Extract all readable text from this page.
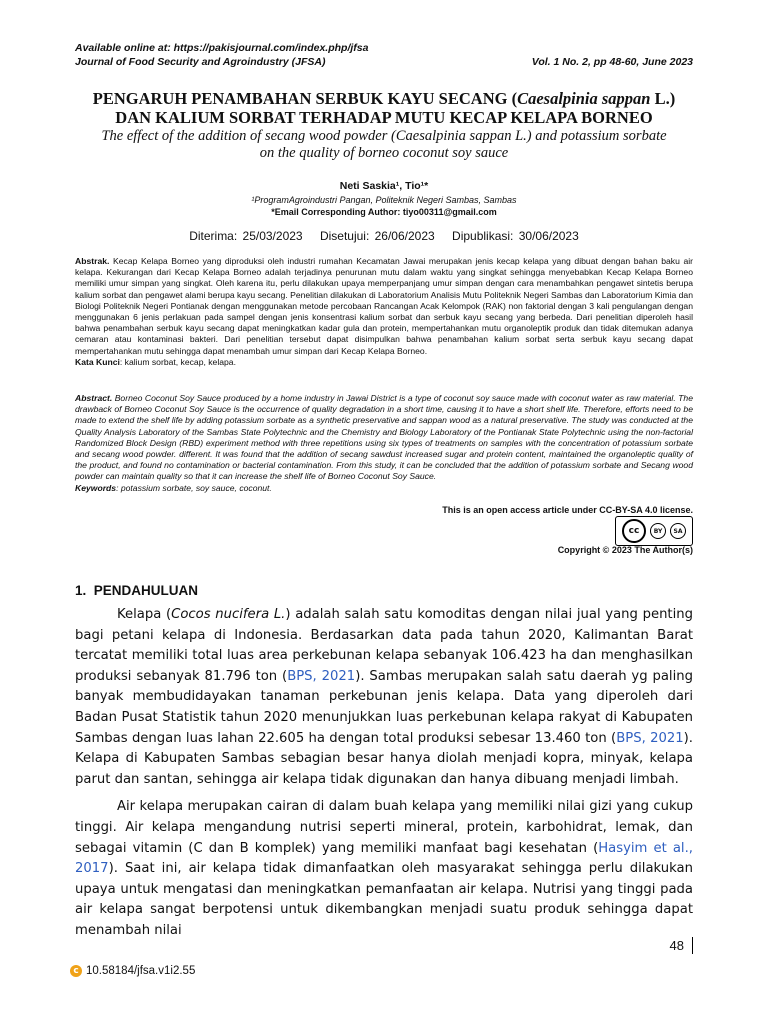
Available online at: https://pakisjournal.com/index.php/jfsa
Journal of Food Security and Agroindustry (JFSA)	Vol. 1 No. 2, pp 48-60, June 2023
PENGARUH PENAMBAHAN SERBUK KAYU SECANG (Caesalpinia sappan L.)
DAN KALIUM SORBAT TERHADAP MUTU KECAP KELAPA BORNEO
The effect of the addition of secang wood powder (Caesalpinia sappan L.) and potassium sorbate
on the quality of borneo coconut soy sauce
Neti Saskia¹, Tio¹*
¹ProgramAgroindustri Pangan, Politeknik Negeri Sambas, Sambas
*Email Corresponding Author: tiyo00311@gmail.com
Diterima: 25/03/2023 Disetujui: 26/06/2023 Dipublikasi: 30/06/2023
Abstrak. Kecap Kelapa Borneo yang diproduksi oleh industri rumahan Kecamatan Jawai merupakan jenis kecap kelapa yang dibuat dengan bahan baku air kelapa. Kekurangan dari Kecap Kelapa Borneo adalah terjadinya penurunan mutu dalam waktu yang singkat sehingga menyebabkan Kecap Kelapa Borneo memiliki umur simpan yang singkat. Oleh karena itu, perlu dilakukan upaya memperpanjang umur simpan dengan cara menambahkan pengawet sintetis berupa kalium sorbat dan pengawet alami berupa kayu secang. Penelitian dilakukan di Laboratorium Analisis Mutu Politeknik Negeri Sambas dan Laboratorium Kimia dan Biologi Politeknik Negeri Pontianak dengan menggunakan metode percobaan Rancangan Acak Kelompok (RAK) non faktorial dengan 3 kali pengulangan dengan menggunakan 6 jenis perlakuan pada sampel dengan jenis konsentrasi kalium sorbat dan serbuk kayu secang yang berbeda. Dari penelitian diperoleh hasil bahwa penambahan serbuk kayu secang dapat meningkatkan kadar gula dan protein, mempertahankan mutu organoleptik produk dan tidak ditemukan adanya cemaran atau kontaminasi bakteri. Dari penelitian tersebut dapat disimpulkan bahwa penambahan kalium sorbat serta serbuk kayu secang dapat mempertahankan mutu sehingga dapat menambah umur simpan dari Kecap Kelapa Borneo.
Kata Kunci: kalium sorbat, kecap, kelapa.
Abstract. Borneo Coconut Soy Sauce produced by a home industry in Jawai District is a type of coconut soy sauce made with coconut water as raw material. The drawback of Borneo Coconut Soy Sauce is the occurrence of quality degradation in a short time, causing it to have a short shelf life. Therefore, efforts need to be made to extend the shelf life by adding potassium sorbate as a synthetic preservative and sappan wood as a natural preservative. The study was conducted at the Quality Analysis Laboratory of the Sambas State Polytechnic and the Chemistry and Biology Laboratory of the Pontianak State Polytechnic using the non-factorial Randomized Block Design (RBD) experiment method with three repetitions using six types of treatments on samples with the concentration of potassium sorbate and secang wood powder. different. It was found that the addition of secang sawdust increased sugar and protein content, maintained the organoleptic quality of the product, and found no contamination or bacterial contamination. From this study, it can be concluded that the addition of potassium sorbate and Secang wood powder can maintain quality so that it can increase the shelf life of Borneo Coconut Soy Sauce.
Keywords: potassium sorbate, soy sauce, coconut.
This is an open access article under CC-BY-SA 4.0 license.
cc	BY	SA
Copyright © 2023 The Author(s)
1. PENDAHULUAN

Kelapa (Cocos nucifera L.) adalah salah satu komoditas dengan nilai jual yang penting bagi petani kelapa di Indonesia. Berdasarkan data pada tahun 2020, Kalimantan Barat tercatat memiliki total luas area perkebunan kelapa sebanyak 106.423 ha dan menghasilkan produksi sebanyak 81.796 ton (BPS, 2021). Sambas merupakan salah satu daerah yg paling banyak membudidayakan tanaman perkebunan jenis kelapa. Data yang diperoleh dari Badan Pusat Statistik tahun 2020 menunjukkan luas perkebunan kelapa rakyat di Kabupaten Sambas dengan luas lahan 22.605 ha dengan total produksi sebesar 13.460 ton (BPS, 2021). Kelapa di Kabupaten Sambas sebagian besar hanya diolah menjadi kopra, minyak, kelapa parut dan santan, sehingga air kelapa tidak digunakan dan hanya dibuang menjadi limbah.

Air kelapa merupakan cairan di dalam buah kelapa yang memiliki nilai gizi yang cukup tinggi. Air kelapa mengandung nutrisi seperti mineral, protein, karbohidrat, lemak, dan sebagai vitamin (C dan B komplek) yang memiliki manfaat bagi kesehatan (Hasyim et al., 2017). Saat ini, air kelapa tidak dimanfaatkan oleh masyarakat sehingga perlu dilakukan upaya untuk mengatasi dan meningkatkan pemanfaatan air kelapa. Nutrisi yang tinggi pada air kelapa sangat berpotensi untuk dikembangkan menjadi suatu produk sehingga dapat menambah nilai

48
c 10.58184/jfsa.v1i2.55
